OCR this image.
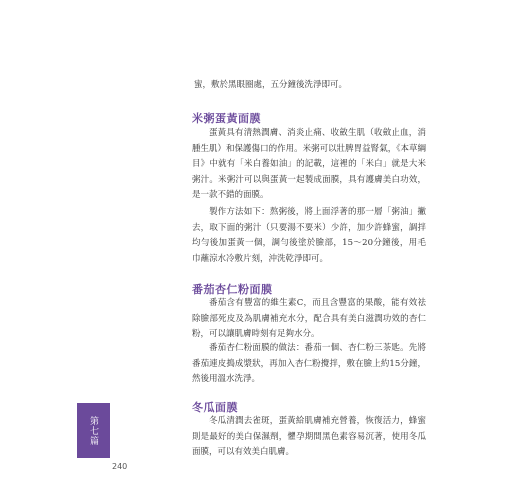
蜜，敷於黑眼圈處，五分鐘後洗淨即可。

米粥蛋黃面膜

蛋黃具有清熱潤膚、消炎止痛、收斂生肌（收斂止血，消腫生肌）和保護傷口的作用。米粥可以壯脾胃益腎氣，《本草綱目》中就有「米白養如油」的記載，這裡的「米白」就是大米粥汁。米粥汁可以與蛋黃一起製成面膜，具有護膚美白功效，是一款不錯的面膜。

製作方法如下：熬粥後，將上面浮著的那一層「粥油」撇去，取下面的粥汁（只要湯不要米）少許，加少許蜂蜜，調拌均勻後加蛋黃一個，調勻後塗於臉部，15～20分鐘後，用毛巾蘸涼水冷敷片刻，沖洗乾淨即可。

番茄杏仁粉面膜

番茄含有豐富的維生素C，而且含豐富的果酸，能有效祛除臉部死皮及為肌膚補充水分，配合具有美白滋潤功效的杏仁粉，可以讓肌膚時刻有足夠水分。

番茄杏仁粉面膜的做法：番茄一個、杏仁粉三茶匙。先將番茄連皮搗成漿狀，再加入杏仁粉攪拌，敷在臉上約15分鐘，然後用溫水洗淨。

冬瓜面膜

冬瓜清潤去雀斑，蛋黃給肌膚補充營養，恢復活力，蜂蜜則是最好的美白保濕劑，懼孕期間黑色素容易沉著，使用冬瓜面膜，可以有效美白肌膚。

第七篇
240
